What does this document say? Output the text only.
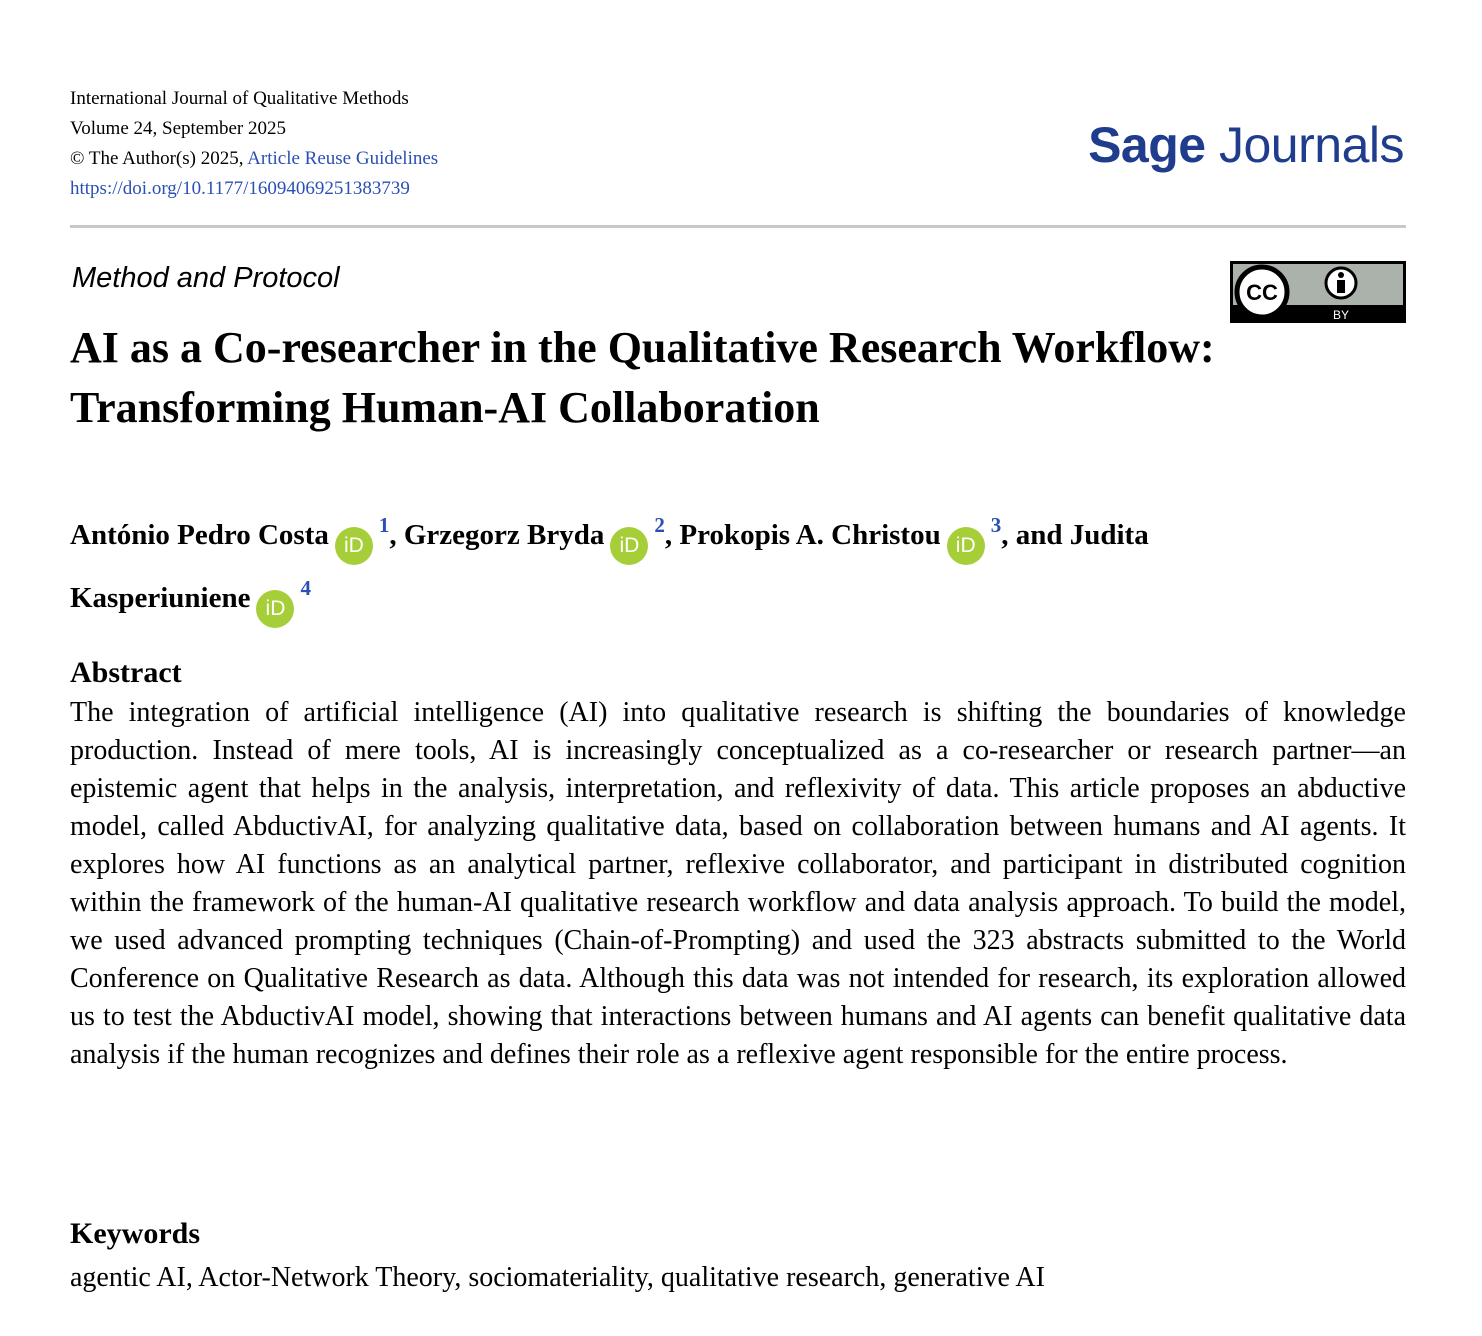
International Journal of Qualitative Methods
Volume 24, September 2025
© The Author(s) 2025, Article Reuse Guidelines
https://doi.org/10.1177/16094069251383739
Sage Journals
Method and Protocol	CC
BY
AI as a Co-researcher in the Qualitative Research Workflow: Transforming Human-AI Collaboration
António Pedro Costa iD$^1$, Grzegorz Bryda iD$^2$, Prokopis A. Christou iD$^3$, and Judita Kasperiuniene iD$^4$
Abstract

The integration of artificial intelligence (AI) into qualitative research is shifting the boundaries of knowledge production. Instead of mere tools, AI is increasingly conceptualized as a co-researcher or research partner—an epistemic agent that helps in the analysis, interpretation, and reflexivity of data. This article proposes an abductive model, called AbductivAI, for analyzing qualitative data, based on collaboration between humans and AI agents. It explores how AI functions as an analytical partner, reflexive collaborator, and participant in distributed cognition within the framework of the human-AI qualitative research workflow and data analysis approach. To build the model, we used advanced prompting techniques (Chain-of-Prompting) and used the 323 abstracts submitted to the World Conference on Qualitative Research as data. Although this data was not intended for research, its exploration allowed us to test the AbductivAI model, showing that interactions between humans and AI agents can benefit qualitative data analysis if the human recognizes and defines their role as a reflexive agent responsible for the entire process.

Keywords
agentic AI, Actor-Network Theory, sociomateriality, qualitative research, generative AI
